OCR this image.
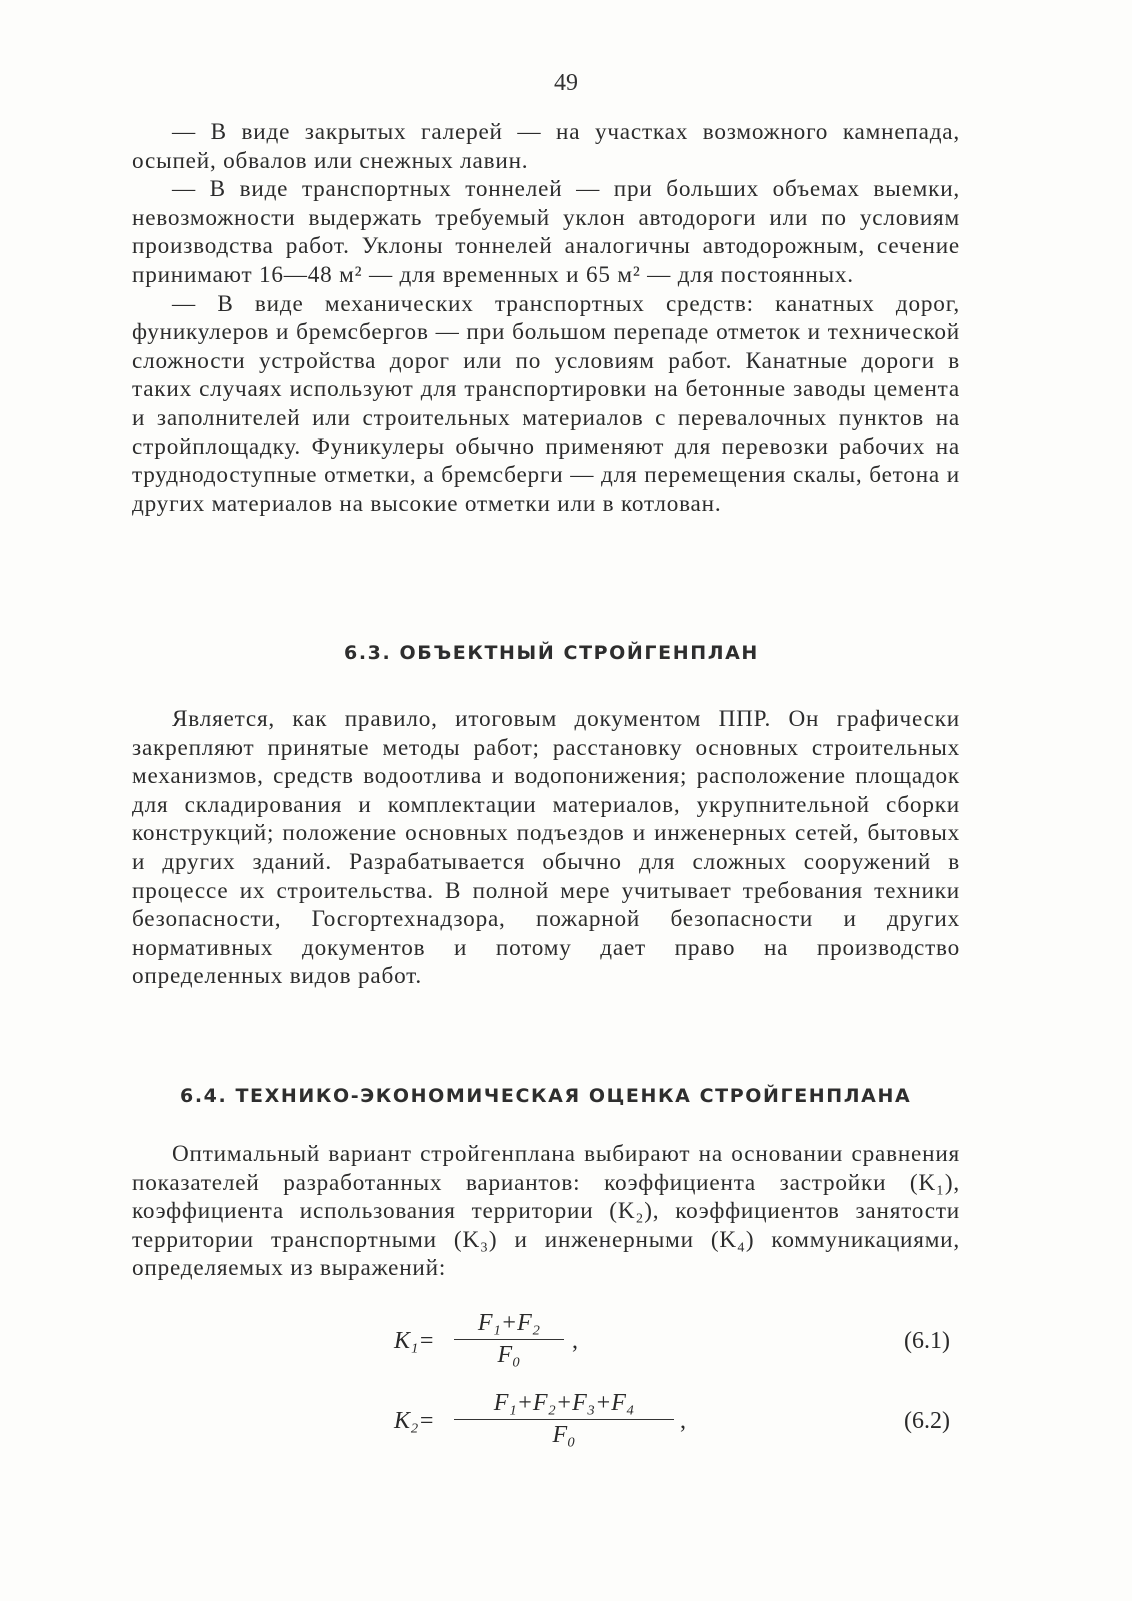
49

— В виде закрытых галерей — на участках возможного камнепада, осыпей, обвалов или снежных лавин.

— В виде транспортных тоннелей — при больших объемах выемки, невозможности выдержать требуемый уклон автодороги или по условиям производства работ. Уклоны тоннелей аналогичны автодорожным, сечение принимают 16—48 м² — для временных и 65 м² — для постоянных.

— В виде механических транспортных средств: канатных дорог, фуникулеров и бремсбергов — при большом перепаде отметок и технической сложности устройства дорог или по условиям работ. Канатные дороги в таких случаях используют для транспортировки на бетонные заводы цемента и заполнителей или строительных материалов с перевалочных пунктов на стройплощадку. Фуникулеры обычно применяют для перевозки рабочих на труднодоступные отметки, а бремсберги — для перемещения скалы, бетона и других материалов на высокие отметки или в котлован.

6.3. ОБЪЕКТНЫЙ СТРОЙГЕНПЛАН

Является, как правило, итоговым документом ППР. Он графически закрепляют принятые методы работ; расстановку основных строительных механизмов, средств водоотлива и водопонижения; расположение площадок для складирования и комплектации материалов, укрупнительной сборки конструкций; положение основных подъездов и инженерных сетей, бытовых и других зданий. Разрабатывается обычно для сложных сооружений в процессе их строительства. В полной мере учитывает требования техники безопасности, Госгортехнадзора, пожарной безопасности и других нормативных документов и потому дает право на производство определенных видов работ.

6.4. ТЕХНИКО-ЭКОНОМИЧЕСКАЯ ОЦЕНКА СТРОЙГЕНПЛАНА

Оптимальный вариант стройгенплана выбирают на основании сравнения показателей разработанных вариантов: коэффициента застройки (K₁), коэффициента использования территории (K₂), коэффициентов занятости территории транспортными (K₃) и инженерными (K₄) коммуникациями, определяемых из выражений:

K₁=
F₁+F₂
F₀
,	(6.1)
K₂=
F₁+F₂+F₃+F₄
F₀
,	(6.2)
